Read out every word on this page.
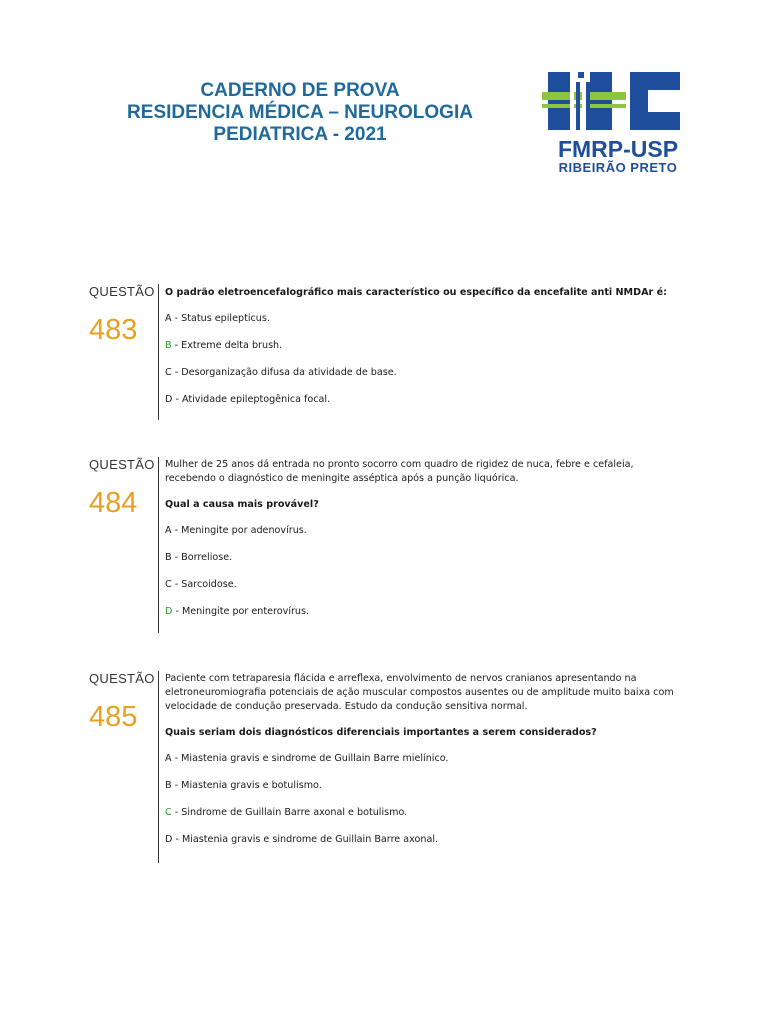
CADERNO DE PROVA
RESIDENCIA MÉDICA – NEUROLOGIA
PEDIATRICA - 2021
FMRP-USP
RIBEIRÃO PRETO
QUESTÃO
483
O padrão eletroencefalográfico mais característico ou específico da encefalite anti NMDAr é:
A - Status epilepticus.
B - Extreme delta brush.
C - Desorganização difusa da atividade de base.
D - Atividade epileptogênica focal.
QUESTÃO
484
Mulher de 25 anos dá entrada no pronto socorro com quadro de rigidez de nuca, febre e cefaleia, recebendo o diagnóstico de meningite asséptica após a punção liquórica.
Qual a causa mais provável?
A - Meningite por adenovírus.
B - Borreliose.
C - Sarcoidose.
D - Meningite por enterovírus.
QUESTÃO
485
Paciente com tetraparesia flácida e arreflexa, envolvimento de nervos cranianos apresentando na eletroneuromiografia potenciais de ação muscular compostos ausentes ou de amplitude muito baixa com velocidade de condução preservada. Estudo da condução sensitiva normal.
Quais seriam dois diagnósticos diferenciais importantes a serem considerados?
A - Miastenia gravis e sindrome de Guillain Barre mielínico.
B - Miastenia gravis e botulismo.
C - Sindrome de Guillain Barre axonal e botulismo.
D - Miastenia gravis e sindrome de Guillain Barre axonal.
